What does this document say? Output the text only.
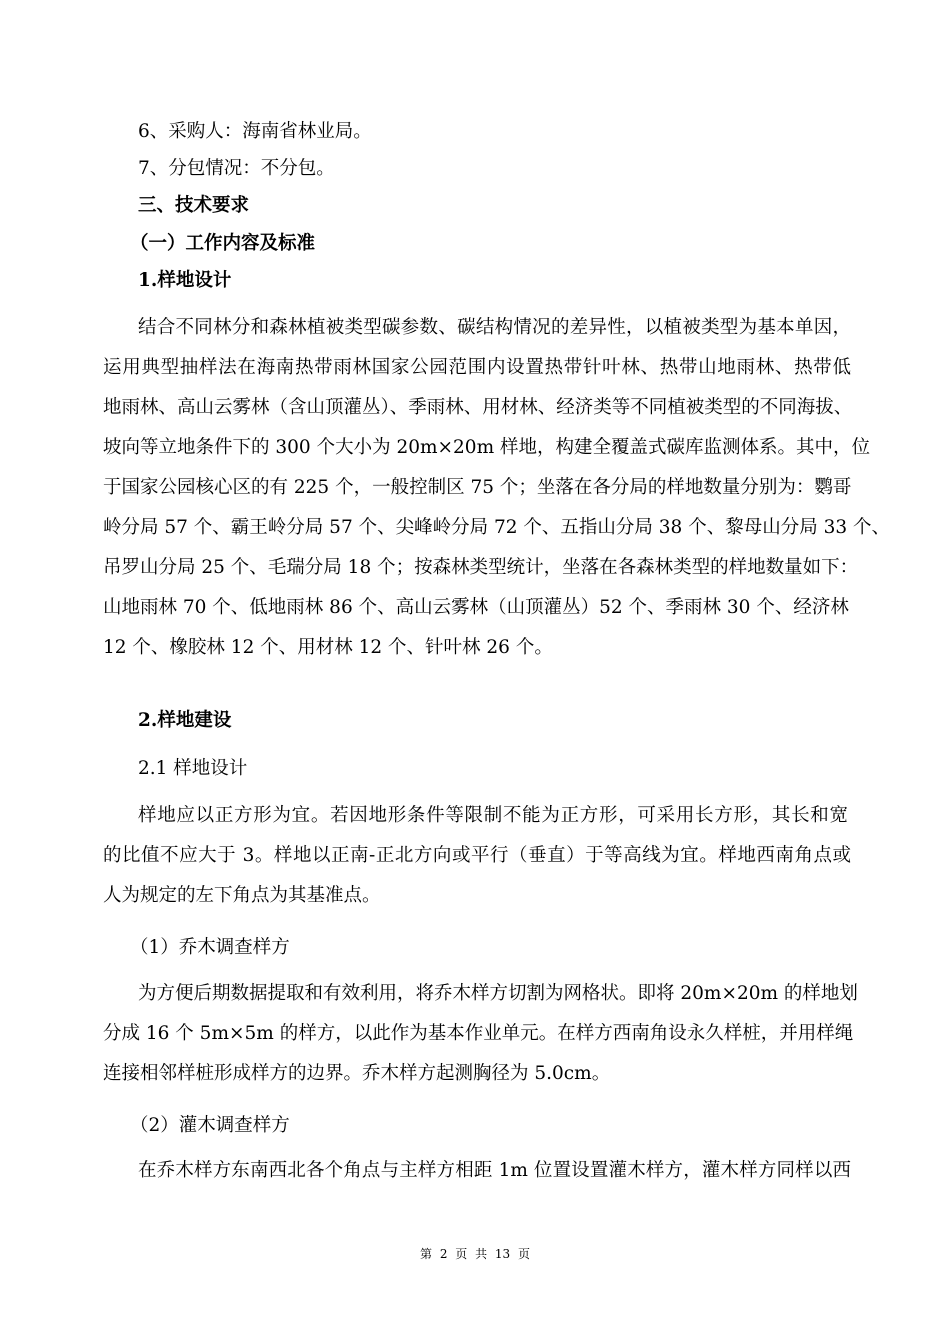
6、采购人：海南省林业局。
7、分包情况：不分包。
三、技术要求
（一）工作内容及标准
1.样地设计
结合不同林分和森林植被类型碳参数、碳结构情况的差异性，以植被类型为基本单因，
运用典型抽样法在海南热带雨林国家公园范围内设置热带针叶林、热带山地雨林、热带低
地雨林、高山云雾林（含山顶灌丛）、季雨林、用材林、经济类等不同植被类型的不同海拔、
坡向等立地条件下的 300 个大小为 20m×20m 样地，构建全覆盖式碳库监测体系。其中，位
于国家公园核心区的有 225 个，一般控制区 75 个；坐落在各分局的样地数量分别为：鹦哥
岭分局 57 个、霸王岭分局 57 个、尖峰岭分局 72 个、五指山分局 38 个、黎母山分局 33 个、
吊罗山分局 25 个、毛瑞分局 18 个；按森林类型统计，坐落在各森林类型的样地数量如下：
山地雨林 70 个、低地雨林 86 个、高山云雾林（山顶灌丛）52 个、季雨林 30 个、经济林
12 个、橡胶林 12 个、用材林 12 个、针叶林 26 个。
2.样地建设
2.1 样地设计
样地应以正方形为宜。若因地形条件等限制不能为正方形，可采用长方形，其长和宽
的比值不应大于 3。样地以正南-正北方向或平行（垂直）于等高线为宜。样地西南角点或
人为规定的左下角点为其基准点。
（1）乔木调查样方
为方便后期数据提取和有效利用，将乔木样方切割为网格状。即将 20m×20m 的样地划
分成 16 个 5m×5m 的样方，以此作为基本作业单元。在样方西南角设永久样桩，并用样绳
连接相邻样桩形成样方的边界。乔木样方起测胸径为 5.0cm。
（2）灌木调查样方
在乔木样方东南西北各个角点与主样方相距 1m 位置设置灌木样方，灌木样方同样以西
第 2 页 共 13 页
